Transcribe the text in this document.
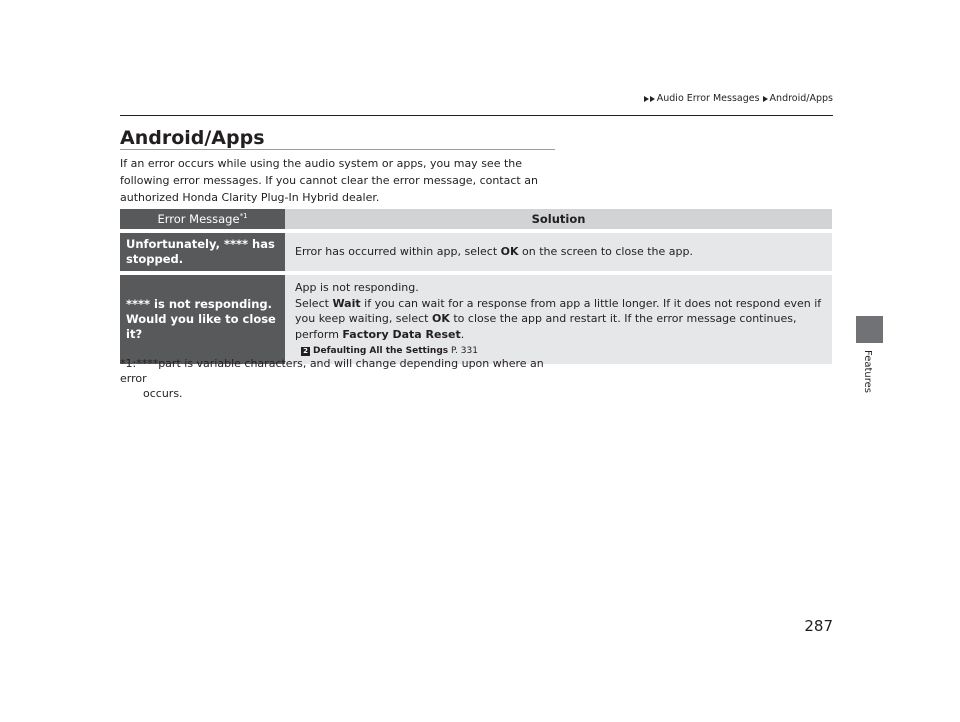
Audio Error Messages Android/Apps
Features
Android/Apps

If an error occurs while using the audio system or apps, you may see the following error messages. If you cannot clear the error message, contact an authorized Honda Clarity Plug-In Hybrid dealer.

Error Message$^{*1}$	Solution
Unfortunately, **** has stopped.	Error has occurred within app, select OK on the screen to close the app.
**** is not responding. Would you like to close it?	App is not responding.
Select Wait if you can wait for a response from app a little longer. If it does not respond even if you keep waiting, select OK to close the app and restart it. If the error message continues, perform Factory Data Reset.

2 Defaulting All the Settings
P. 331

*1:****part is variable characters, and will change depending upon where an error
occurs.

287
